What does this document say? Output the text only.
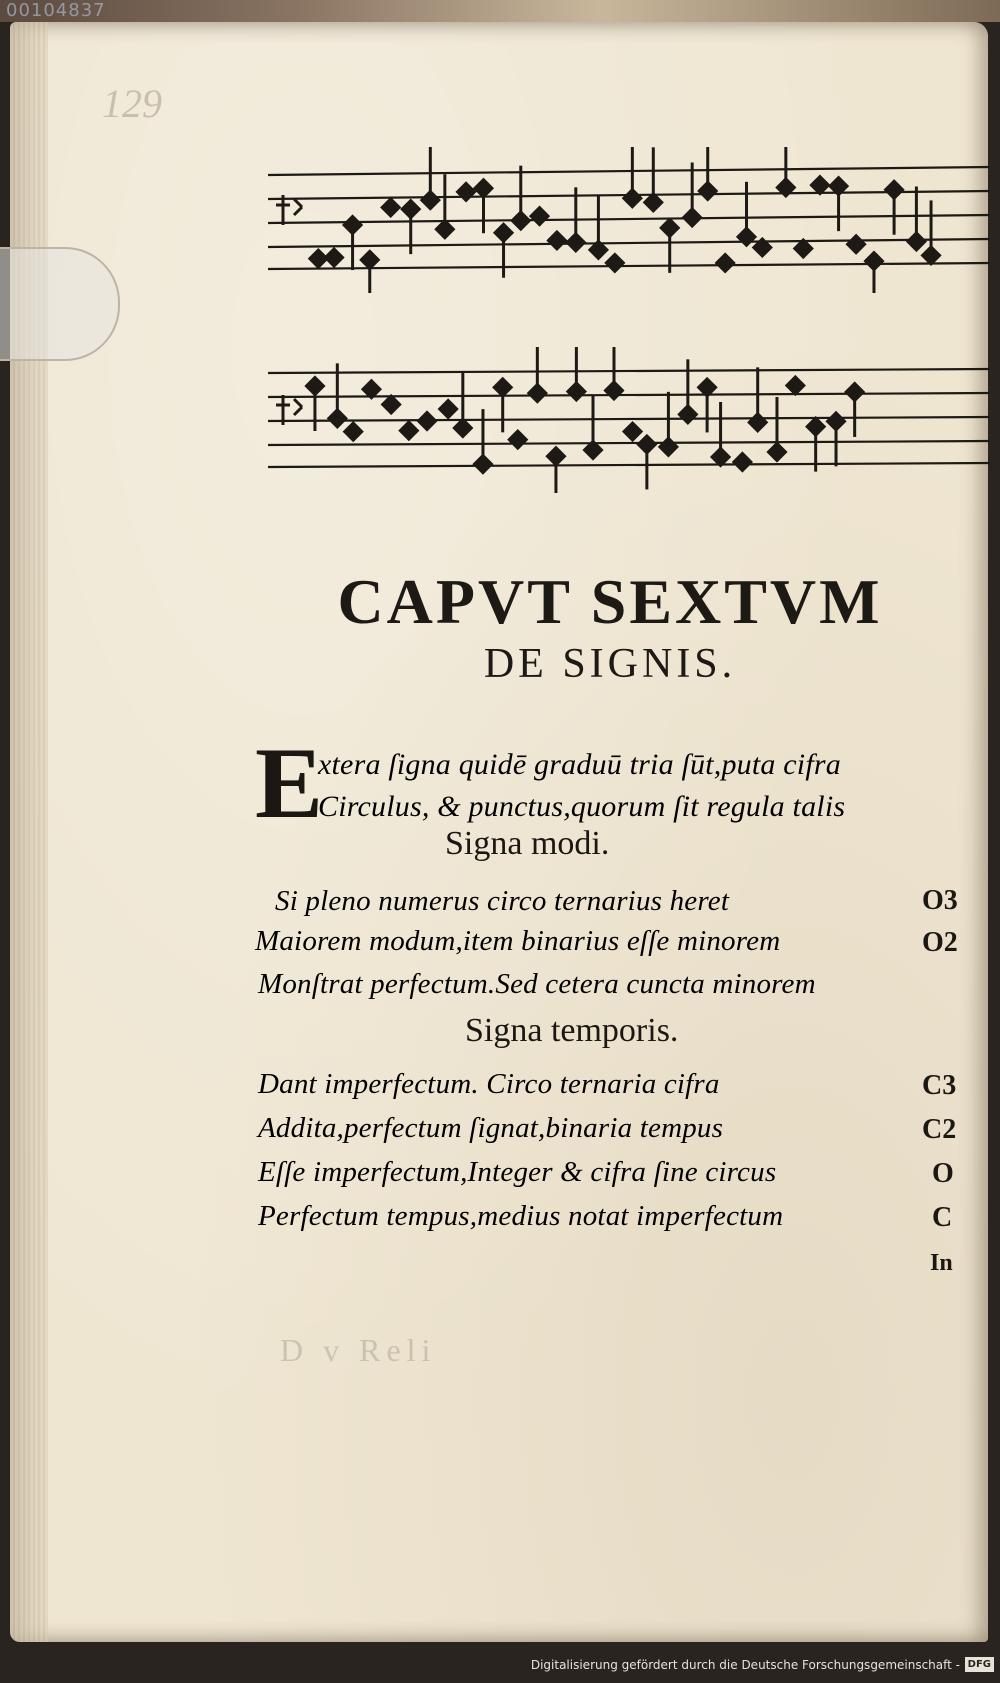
00104837
129
CAPVT SEXTVM
DE SIGNIS.
E
xtera ſigna quidē graduū tria ſūt,puta cifra
Circulus, & punctus,quorum ſit regula talis
Signa modi.
Si pleno numerus circo ternarius heret	O3
Maiorem modum,item binarius eſſe minorem	O2
Monſtrat perfectum.Sed cetera cuncta minorem
Signa temporis.
Dant imperfectum. Circo ternaria cifra	C3
Addita,perfectum ſignat,binaria tempus	C2
Eſſe imperfectum,Integer & cifra ſine circus	O
Perfectum tempus,medius notat imperfectum	C
In
D v Reli
Digitalisierung gefördert durch die Deutsche Forschungsgemeinschaft - DFG
